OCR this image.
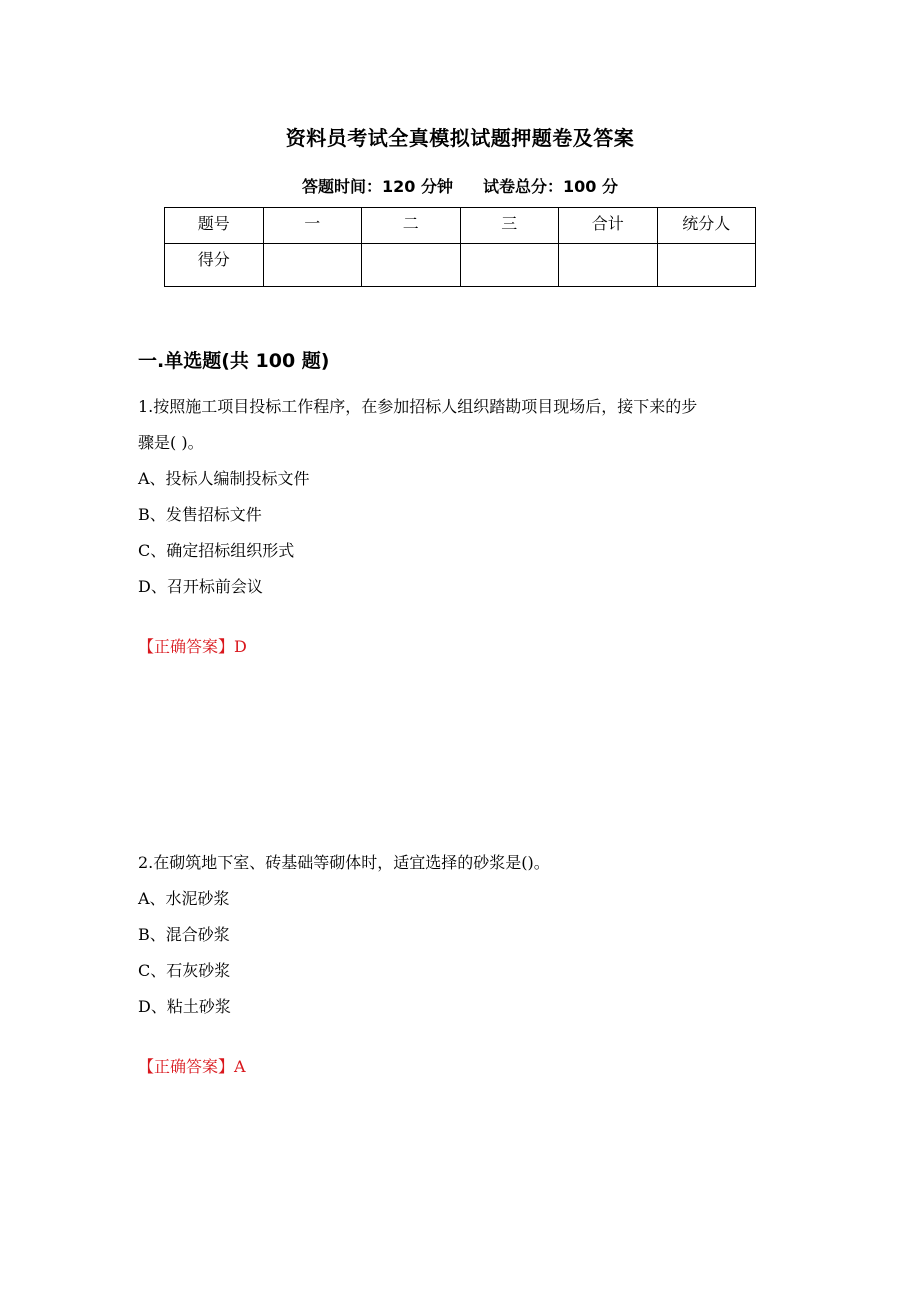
资料员考试全真模拟试题押题卷及答案
答题时间：120 分钟 试卷总分：100 分
题号	一	二	三	合计	统分人
得分					
一.单选题(共 100 题)
1.按照施工项目投标工作程序，在参加招标人组织踏勘项目现场后，接下来的步
骤是( )。
A、投标人编制投标文件
B、发售招标文件
C、确定招标组织形式
D、召开标前会议
【正确答案】D
2.在砌筑地下室、砖基础等砌体时，适宜选择的砂浆是()。
A、水泥砂浆
B、混合砂浆
C、石灰砂浆
D、粘土砂浆
【正确答案】A
